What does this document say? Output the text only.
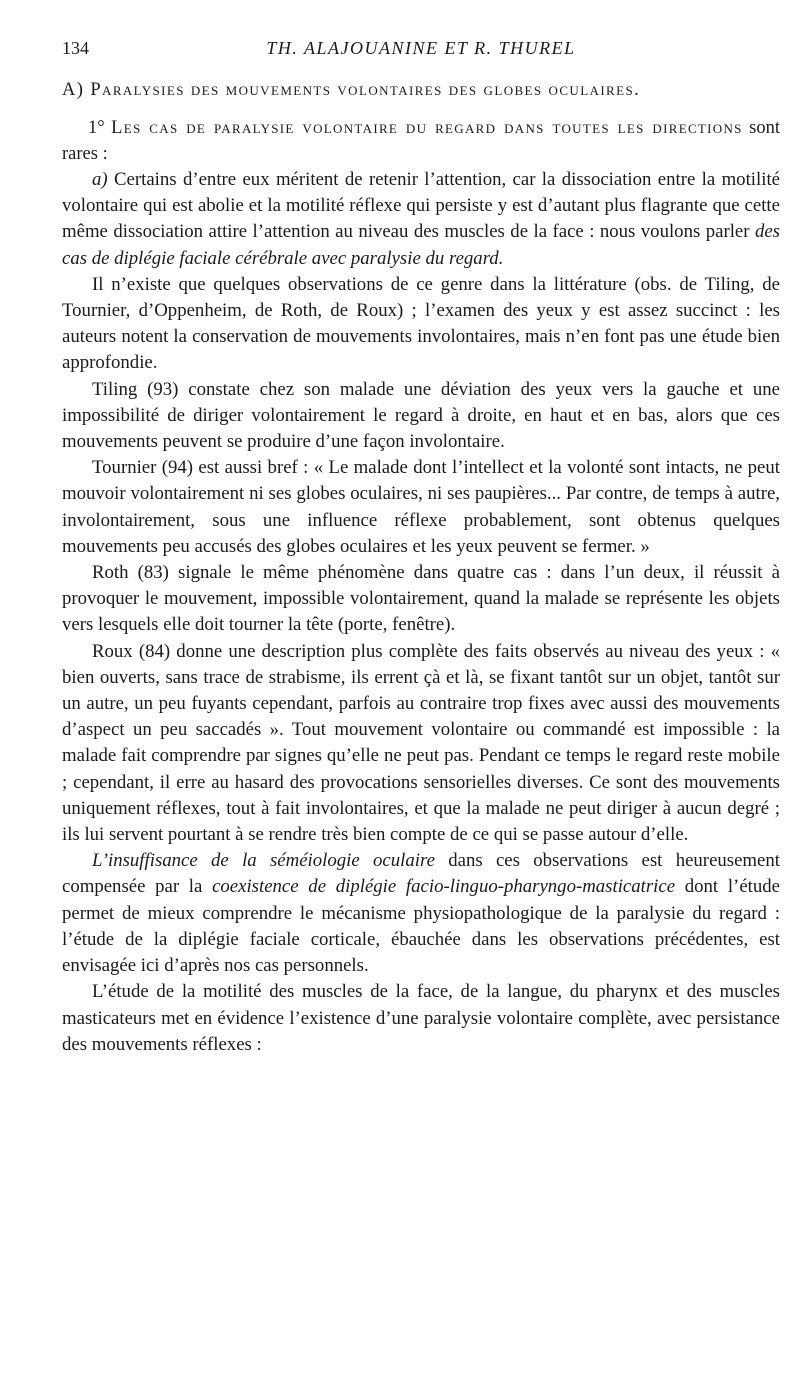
134	TH. ALAJOUANINE ET R. THUREL
A) Paralysies des mouvements volontaires des globes oculaires.
1° Les cas de paralysie volontaire du regard dans toutes les directions sont rares :

a) Certains d’entre eux méritent de retenir l’attention, car la dissociation entre la motilité volontaire qui est abolie et la motilité réflexe qui persiste y est d’autant plus flagrante que cette même dissociation attire l’attention au niveau des muscles de la face : nous voulons parler des cas de diplégie faciale cérébrale avec paralysie du regard.

Il n’existe que quelques observations de ce genre dans la littérature (obs. de Tiling, de Tournier, d’Oppenheim, de Roth, de Roux) ; l’examen des yeux y est assez succinct : les auteurs notent la conservation de mouvements involontaires, mais n’en font pas une étude bien approfondie.

Tiling (93) constate chez son malade une déviation des yeux vers la gauche et une impossibilité de diriger volontairement le regard à droite, en haut et en bas, alors que ces mouvements peuvent se produire d’une façon involontaire.

Tournier (94) est aussi bref : « Le malade dont l’intellect et la volonté sont intacts, ne peut mouvoir volontairement ni ses globes oculaires, ni ses paupières... Par contre, de temps à autre, involontairement, sous une influence réflexe probablement, sont obtenus quelques mouvements peu accusés des globes oculaires et les yeux peuvent se fermer. »

Roth (83) signale le même phénomène dans quatre cas : dans l’un deux, il réussit à provoquer le mouvement, impossible volontairement, quand la malade se représente les objets vers lesquels elle doit tourner la tête (porte, fenêtre).

Roux (84) donne une description plus complète des faits observés au niveau des yeux : « bien ouverts, sans trace de strabisme, ils errent çà et là, se fixant tantôt sur un objet, tantôt sur un autre, un peu fuyants cependant, parfois au contraire trop fixes avec aussi des mouvements d’aspect un peu saccadés ». Tout mouvement volontaire ou commandé est impossible : la malade fait comprendre par signes qu’elle ne peut pas. Pendant ce temps le regard reste mobile ; cependant, il erre au hasard des provocations sensorielles diverses. Ce sont des mouvements uniquement réflexes, tout à fait involontaires, et que la malade ne peut diriger à aucun degré ; ils lui servent pourtant à se rendre très bien compte de ce qui se passe autour d’elle.

L’insuffisance de la séméiologie oculaire dans ces observations est heureusement compensée par la coexistence de diplégie facio-linguo-pharyngo-masticatrice dont l’étude permet de mieux comprendre le mécanisme physiopathologique de la paralysie du regard : l’étude de la diplégie faciale corticale, ébauchée dans les observations précédentes, est envisagée ici d’après nos cas personnels.

L’étude de la motilité des muscles de la face, de la langue, du pharynx et des muscles masticateurs met en évidence l’existence d’une paralysie volontaire complète, avec persistance des mouvements réflexes :
